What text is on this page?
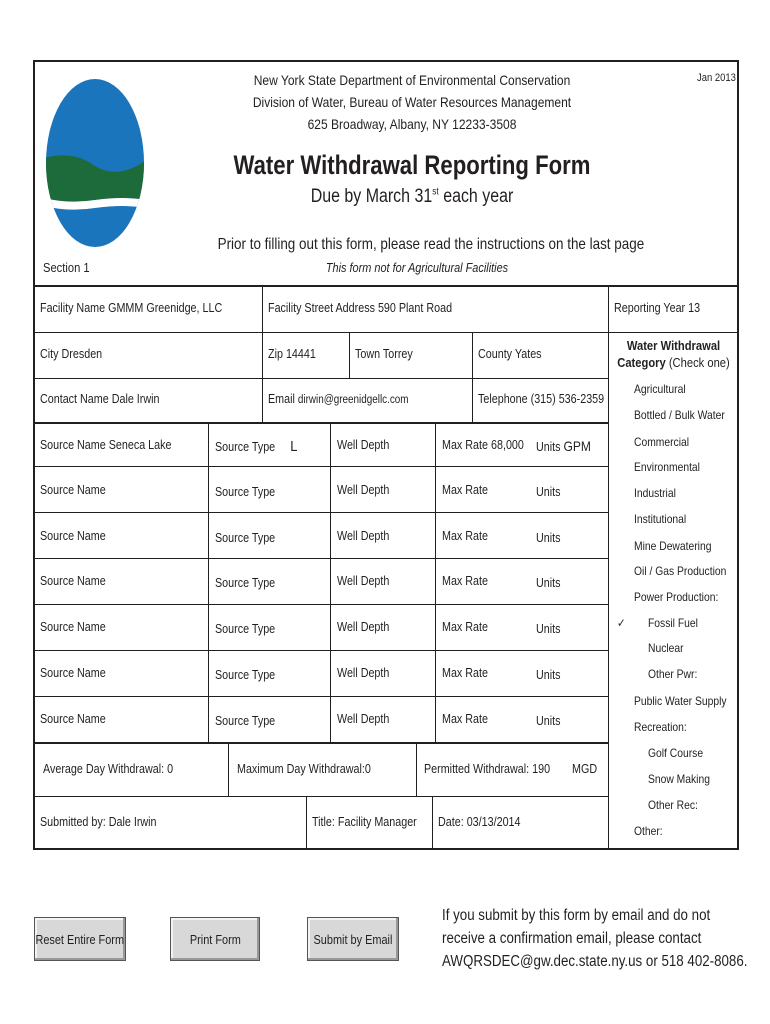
New York State Department of Environmental Conservation
Division of Water, Bureau of Water Resources Management
625 Broadway, Albany, NY 12233-3508
Jan 2013
Water Withdrawal Reporting Form
Due by March 31st each year
Prior to filling out this form, please read the instructions on the last page
This form not for Agricultural Facilities
Section 1
Facility Name GMMM Greenidge, LLC	Facility Street Address 590 Plant Road	Reporting Year 13
City Dresden	Zip 14441	Town Torrey	County Yates
Contact Name Dale Irwin	Email dirwin@greenidgellc.com	Telephone (315) 536-2359
Source Name Seneca Lake	Source Type L	Well Depth	Max Rate 68,000 Units GPM
Source Name	Source Type	Well Depth	Max Rate	Units
Source Name	Source Type	Well Depth	Max Rate	Units
Source Name	Source Type	Well Depth	Max Rate	Units
Source Name	Source Type	Well Depth	Max Rate	Units
Source Name	Source Type	Well Depth	Max Rate	Units
Source Name	Source Type	Well Depth	Max Rate	Units
Average Day Withdrawal: 0	Maximum Day Withdrawal:0	Permitted Withdrawal: 190 MGD
Submitted by: Dale Irwin	Title: Facility Manager Date: 03/13/2014
Water Withdrawal
Category (Check one)
Agricultural
Bottled / Bulk Water
Commercial
Environmental
Industrial
Institutional
Mine Dewatering
Oil / Gas Production
Power Production:
Fossil Fuel
✓
Nuclear
Other Pwr:
Public Water Supply
Recreation:
Golf Course
Snow Making
Other Rec:
Other:
Reset Entire Form	Print Form	Submit by Email
If you submit by this form by email and do not
receive a confirmation email, please contact
AWQRSDEC@gw.dec.state.ny.us or 518 402-8086.
